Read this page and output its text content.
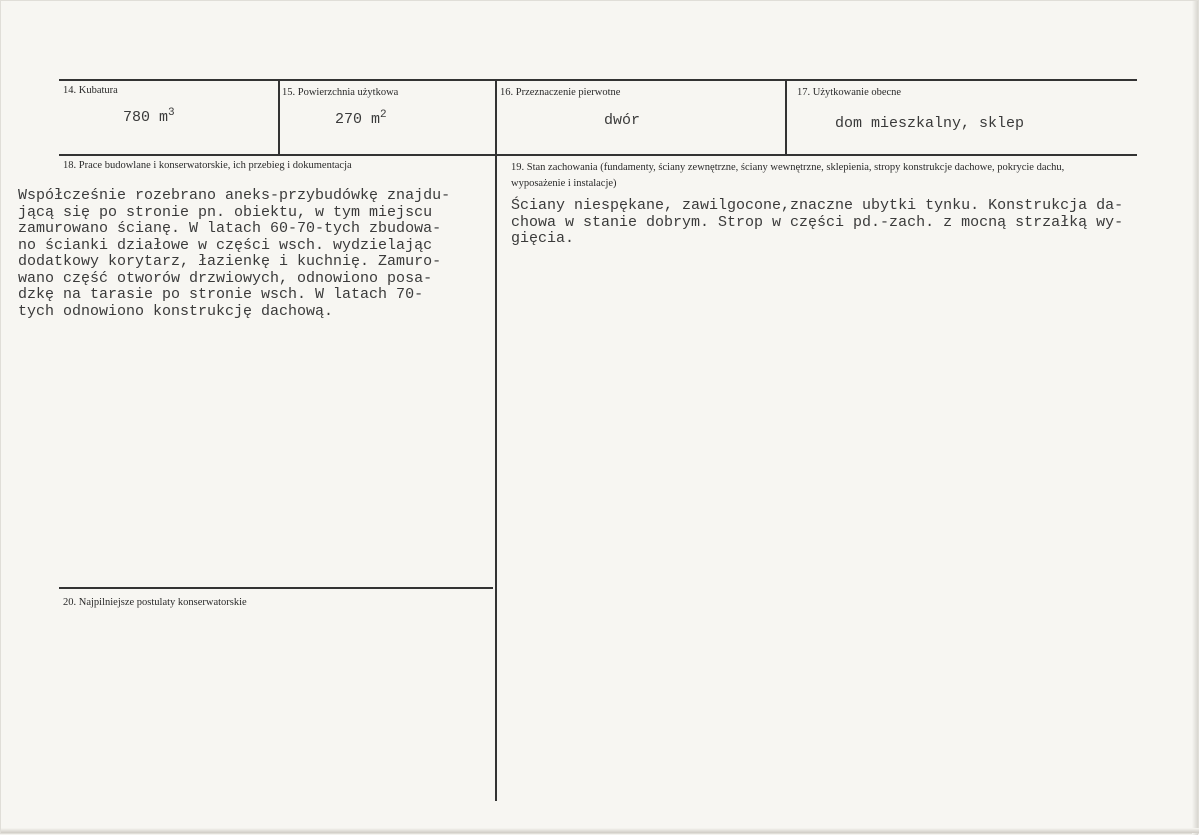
14. Kubatura
780 $m^3$
15. Powierzchnia użytkowa
270 $m^2$
16. Przeznaczenie pierwotne
dwór
17. Użytkowanie obecne
dom mieszkalny, sklep
18. Prace budowlane i konserwatorskie, ich przebieg i dokumentacja
Współcześnie rozebrano aneks-przybudówkę znajdu-
jącą się po stronie pn. obiektu, w tym miejscu
zamurowano ścianę. W latach 60-70-tych zbudowa-
no ścianki działowe w części wsch. wydzielając
dodatkowy korytarz, łazienkę i kuchnię. Zamuro-
wano część otworów drzwiowych, odnowiono posa-
dzkę na tarasie po stronie wsch. W latach 70-
tych odnowiono konstrukcję dachową.
19. Stan zachowania (fundamenty, ściany zewnętrzne, ściany wewnętrzne, sklepienia, stropy konstrukcje dachowe, pokrycie dachu, wyposażenie i instalacje)
Ściany niespękane, zawilgocone,znaczne ubytki tynku. Konstrukcja da-
chowa w stanie dobrym. Strop w części pd.-zach. z mocną strzałką wy-
gięcia.
20. Najpilniejsze postulaty konserwatorskie
